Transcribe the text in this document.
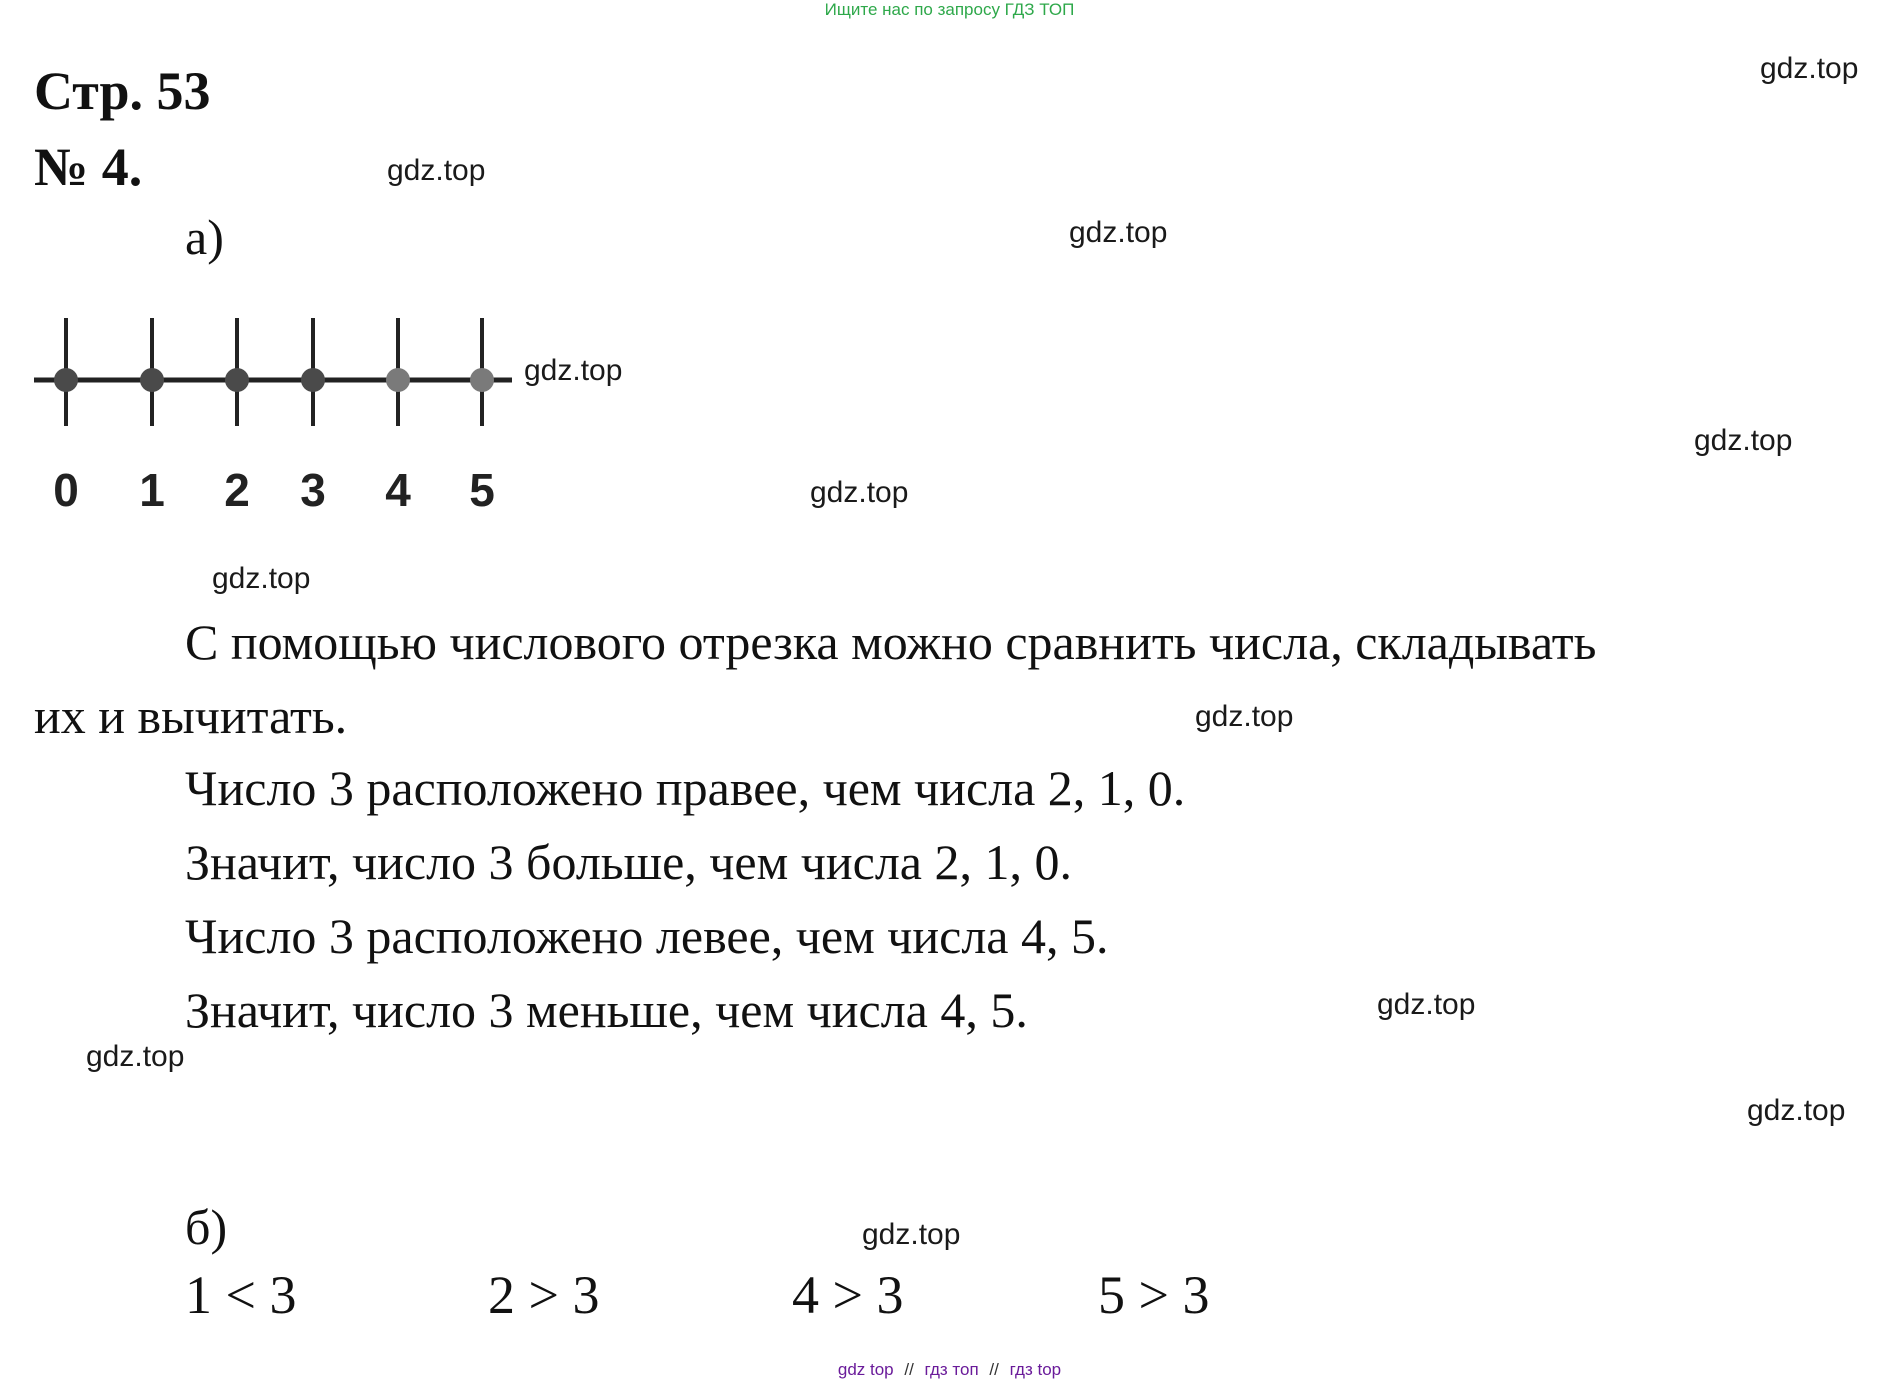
Ищите нас по запросу ГДЗ ТОП
Стр. 53
№ 4.
а)
0 1 2 3 4 5
gdz.top
gdz.top
gdz.top
gdz.top
gdz.top
gdz.top
gdz.top
gdz.top
gdz.top
gdz.top
gdz.top
gdz.top
С помощью числового отрезка можно сравнить числа, складывать
их и вычитать.
Число 3 расположено правее, чем числа 2, 1, 0.
Значит, число 3 больше, чем числа 2, 1, 0.
Число 3 расположено левее, чем числа 4, 5.
Значит, число 3 меньше, чем числа 4, 5.
б)
1 < 3	2 > 3	4 > 3	5 > 3
gdz top // гдз топ // гдз top
